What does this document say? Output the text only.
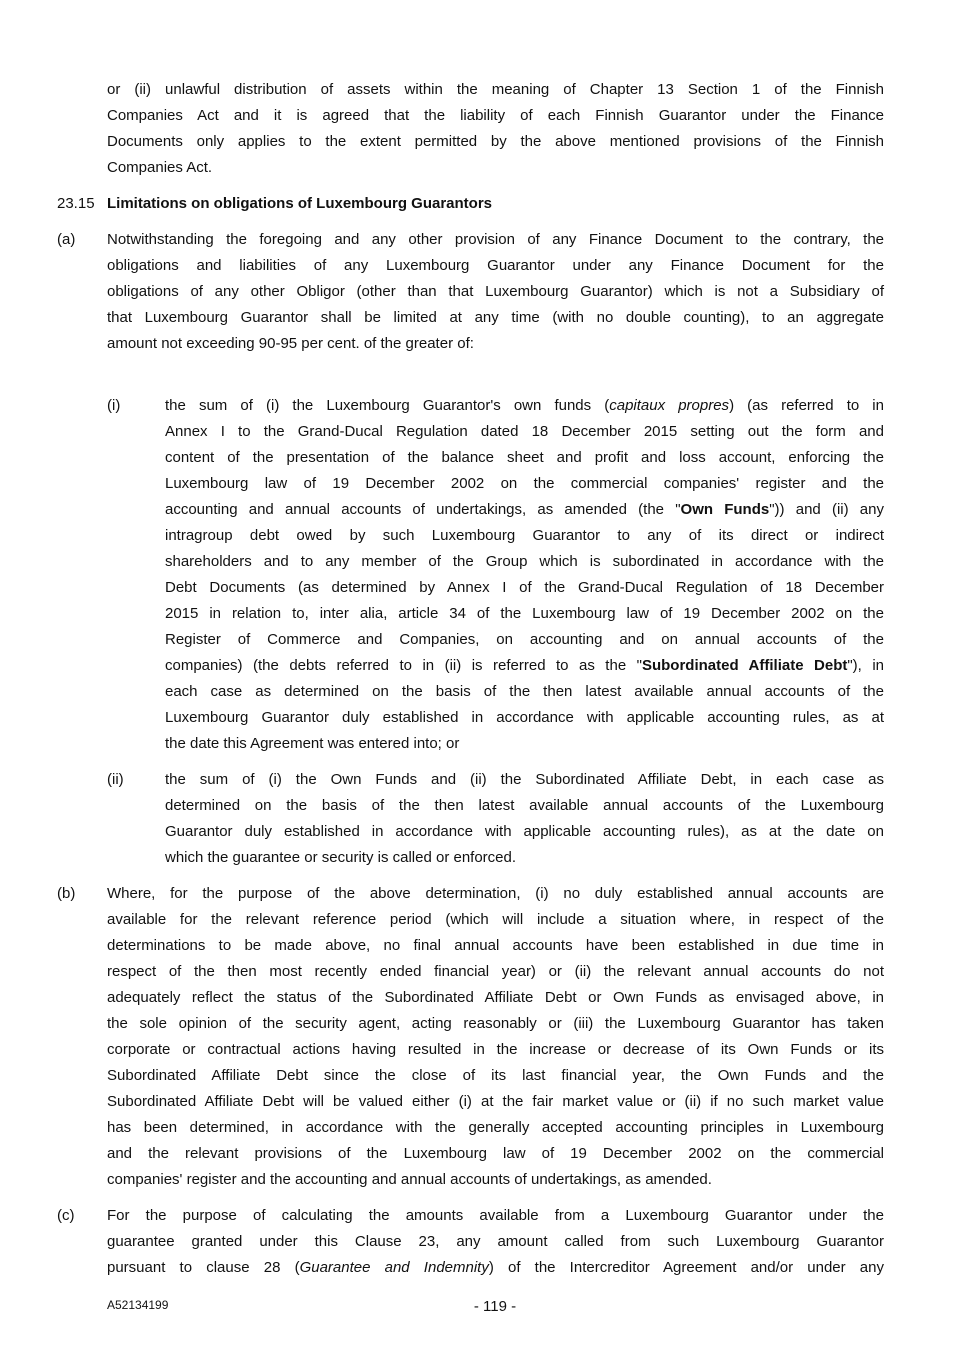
or (ii) unlawful distribution of assets within the meaning of Chapter 13 Section 1 of the Finnish
Companies Act and it is agreed that the liability of each Finnish Guarantor under the Finance
Documents only applies to the extent permitted by the above mentioned provisions of the Finnish
Companies Act.
23.15 Limitations on obligations of Luxembourg Guarantors
(a) Notwithstanding the foregoing and any other provision of any Finance Document to the contrary, the
obligations and liabilities of any Luxembourg Guarantor under any Finance Document for the
obligations of any other Obligor (other than that Luxembourg Guarantor) which is not a Subsidiary of
that Luxembourg Guarantor shall be limited at any time (with no double counting), to an aggregate
amount not exceeding 90-95 per cent. of the greater of:
(i)	the sum of (i) the Luxembourg Guarantor's own funds (capitaux propres) (as referred to in
Annex I to the Grand-Ducal Regulation dated 18 December 2015 setting out the form and
content of the presentation of the balance sheet and profit and loss account, enforcing the
Luxembourg law of 19 December 2002 on the commercial companies' register and the
accounting and annual accounts of undertakings, as amended (the "Own Funds")) and (ii) any
intragroup debt owed by such Luxembourg Guarantor to any of its direct or indirect
shareholders and to any member of the Group which is subordinated in accordance with the
Debt Documents (as determined by Annex I of the Grand-Ducal Regulation of 18 December
2015 in relation to, inter alia, article 34 of the Luxembourg law of 19 December 2002 on the
Register of Commerce and Companies, on accounting and on annual accounts of the
companies) (the debts referred to in (ii) is referred to as the "Subordinated Affiliate Debt"), in
each case as determined on the basis of the then latest available annual accounts of the
Luxembourg Guarantor duly established in accordance with applicable accounting rules, as at
the date this Agreement was entered into; or
(ii)	the sum of (i) the Own Funds and (ii) the Subordinated Affiliate Debt, in each case as
determined on the basis of the then latest available annual accounts of the Luxembourg
Guarantor duly established in accordance with applicable accounting rules), as at the date on
which the guarantee or security is called or enforced.
(b) Where, for the purpose of the above determination, (i) no duly established annual accounts are
available for the relevant reference period (which will include a situation where, in respect of the
determinations to be made above, no final annual accounts have been established in due time in
respect of the then most recently ended financial year) or (ii) the relevant annual accounts do not
adequately reflect the status of the Subordinated Affiliate Debt or Own Funds as envisaged above, in
the sole opinion of the security agent, acting reasonably or (iii) the Luxembourg Guarantor has taken
corporate or contractual actions having resulted in the increase or decrease of its Own Funds or its
Subordinated Affiliate Debt since the close of its last financial year, the Own Funds and the
Subordinated Affiliate Debt will be valued either (i) at the fair market value or (ii) if no such market value
has been determined, in accordance with the generally accepted accounting principles in Luxembourg
and the relevant provisions of the Luxembourg law of 19 December 2002 on the commercial
companies' register and the accounting and annual accounts of undertakings, as amended.
(c) For the purpose of calculating the amounts available from a Luxembourg Guarantor under the
guarantee granted under this Clause 23, any amount called from such Luxembourg Guarantor
pursuant to clause 28 (Guarantee and Indemnity) of the Intercreditor Agreement and/or under any
A52134199	- 119 -
